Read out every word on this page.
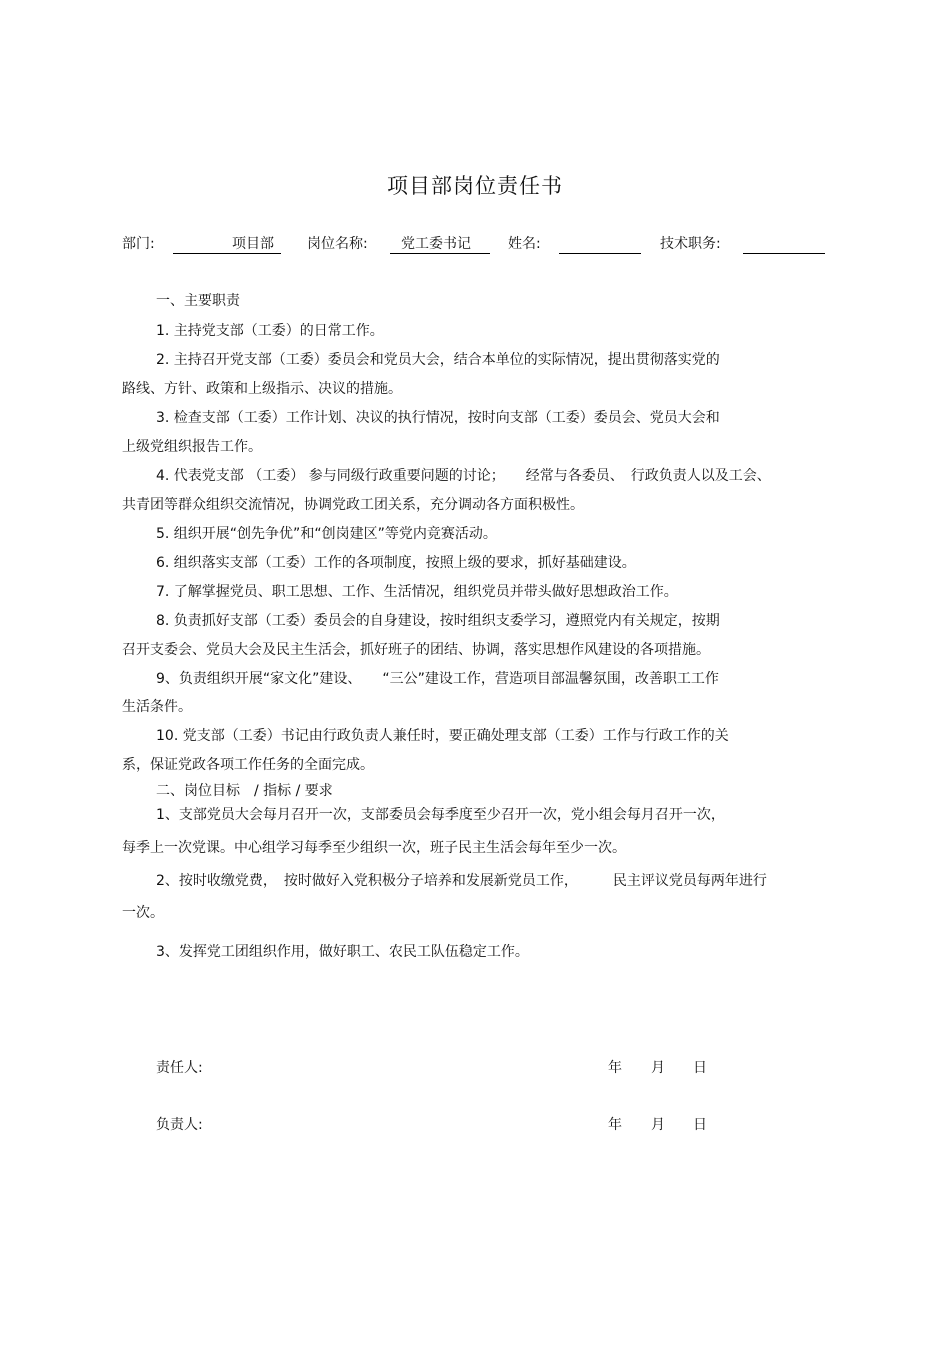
项目部岗位责任书
部门:	项目部	岗位名称:	党工委书记	姓名:	技术职务:
一、主要职责
1. 主持党支部（工委）的日常工作。
2. 主持召开党支部（工委）委员会和党员大会，结合本单位的实际情况，提出贯彻落实党的
路线、方针、政策和上级指示、决议的措施。
3. 检查支部（工委）工作计划、决议的执行情况，按时向支部（工委）委员会、党员大会和
上级党组织报告工作。
4. 代表党支部 （工委） 参与同级行政重要问题的讨论；　　经常与各委员、　行政负责人以及工会、
共青团等群众组织交流情况，协调党政工团关系，充分调动各方面积极性。
5. 组织开展“创先争优”和“创岗建区”等党内竞赛活动。
6. 组织落实支部（工委）工作的各项制度，按照上级的要求，抓好基础建设。
7. 了解掌握党员、职工思想、工作、生活情况，组织党员并带头做好思想政治工作。
8. 负责抓好支部（工委）委员会的自身建设，按时组织支委学习，遵照党内有关规定，按期
召开支委会、党员大会及民主生活会，抓好班子的团结、协调，落实思想作风建设的各项措施。
9、负责组织开展“家文化”建设、　　“三公”建设工作，营造项目部温馨氛围，改善职工工作
生活条件。
10. 党支部（工委）书记由行政负责人兼任时，要正确处理支部（工委）工作与行政工作的关
系，保证党政各项工作任务的全面完成。
二、岗位目标　/ 指标 / 要求
1、支部党员大会每月召开一次，支部委员会每季度至少召开一次，党小组会每月召开一次，
每季上一次党课。中心组学习每季至少组织一次，班子民主生活会每年至少一次。
2、按时收缴党费，　按时做好入党积极分子培养和发展新党员工作，　　　民主评议党员每两年进行
一次。
3、发挥党工团组织作用，做好职工、农民工队伍稳定工作。
责任人:	年 月 日
负责人:	年 月 日
